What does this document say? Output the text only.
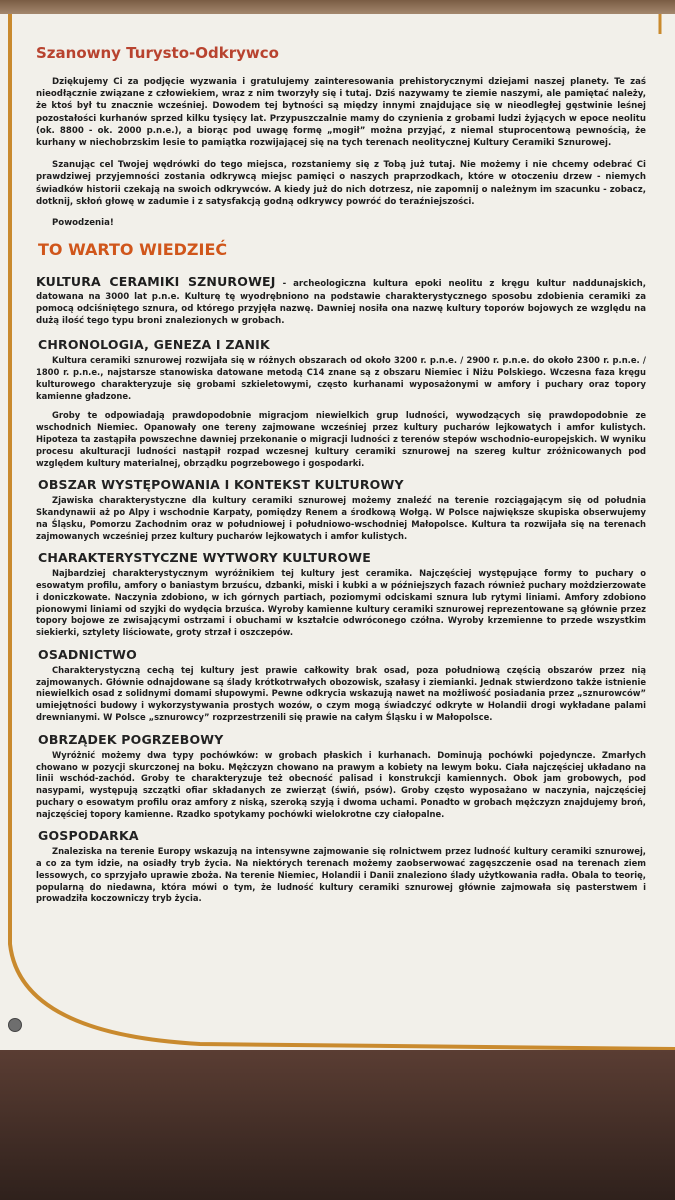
Szanowny Turysto-Odkrywco

Dziękujemy Ci za podjęcie wyzwania i gratulujemy zainteresowania prehistorycznymi dziejami naszej planety. Te zaś nieodłącznie związane z człowiekiem, wraz z nim tworzyły się i tutaj. Dziś nazywamy te ziemie naszymi, ale pamiętać należy, że ktoś był tu znacznie wcześniej. Dowodem tej bytności są między innymi znajdujące się w nieodległej gęstwinie leśnej pozostałości kurhanów sprzed kilku tysięcy lat. Przypuszczalnie mamy do czynienia z grobami ludzi żyjących w epoce neolitu (ok. 8800 - ok. 2000 p.n.e.), a biorąc pod uwagę formę „mogił” można przyjąć, z niemal stuprocentową pewnością, że kurhany w niechobrzskim lesie to pamiątka rozwijającej się na tych terenach neolitycznej Kultury Ceramiki Sznurowej.

Szanując cel Twojej wędrówki do tego miejsca, rozstaniemy się z Tobą już tutaj. Nie możemy i nie chcemy odebrać Ci prawdziwej przyjemności zostania odkrywcą miejsc pamięci o naszych praprzodkach, które w otoczeniu drzew - niemych świadków historii czekają na swoich odkrywców. A kiedy już do nich dotrzesz, nie zapomnij o należnym im szacunku - zobacz, dotknij, skłoń głowę w zadumie i z satysfakcją godną odkrywcy powróć do teraźniejszości.

Powodzenia!

TO WARTO WIEDZIEĆ

KULTURA CERAMIKI SZNUROWEJ - archeologiczna kultura epoki neolitu z kręgu kultur naddunajskich, datowana na 3000 lat p.n.e. Kulturę tę wyodrębniono na podstawie charakterystycznego sposobu zdobienia ceramiki za pomocą odciśniętego sznura, od którego przyjęła nazwę. Dawniej nosiła ona nazwę kultury toporów bojowych ze względu na dużą ilość tego typu broni znalezionych w grobach.

CHRONOLOGIA, GENEZA I ZANIK

Kultura ceramiki sznurowej rozwijała się w różnych obszarach od około 3200 r. p.n.e. / 2900 r. p.n.e. do około 2300 r. p.n.e. / 1800 r. p.n.e., najstarsze stanowiska datowane metodą C14 znane są z obszaru Niemiec i Niżu Polskiego. Wczesna faza kręgu kulturowego charakteryzuje się grobami szkieletowymi, często kurhanami wyposażonymi w amfory i puchary oraz topory kamienne gładzone.

Groby te odpowiadają prawdopodobnie migracjom niewielkich grup ludności, wywodzących się prawdopodobnie ze wschodnich Niemiec. Opanowały one tereny zajmowane wcześniej przez kultury pucharów lejkowatych i amfor kulistych. Hipoteza ta zastąpiła powszechne dawniej przekonanie o migracji ludności z terenów stepów wschodnio-europejskich. W wyniku procesu akulturacji ludności nastąpił rozpad wczesnej kultury ceramiki sznurowej na szereg kultur zróżnicowanych pod względem kultury materialnej, obrządku pogrzebowego i gospodarki.

OBSZAR WYSTĘPOWANIA I KONTEKST KULTUROWY

Zjawiska charakterystyczne dla kultury ceramiki sznurowej możemy znaleźć na terenie rozciągającym się od południa Skandynawii aż po Alpy i wschodnie Karpaty, pomiędzy Renem a środkową Wołgą. W Polsce największe skupiska obserwujemy na Śląsku, Pomorzu Zachodnim oraz w południowej i południowo-wschodniej Małopolsce. Kultura ta rozwijała się na terenach zajmowanych wcześniej przez kultury pucharów lejkowatych i amfor kulistych.

CHARAKTERYSTYCZNE WYTWORY KULTUROWE

Najbardziej charakterystycznym wyróżnikiem tej kultury jest ceramika. Najczęściej występujące formy to puchary o esowatym profilu, amfory o baniastym brzuścu, dzbanki, miski i kubki a w późniejszych fazach również puchary możdzierzowate i doniczkowate. Naczynia zdobiono, w ich górnych partiach, poziomymi odciskami sznura lub rytymi liniami. Amfory zdobiono pionowymi liniami od szyjki do wydęcia brzuśca. Wyroby kamienne kultury ceramiki sznurowej reprezentowane są głównie przez topory bojowe ze zwisającymi ostrzami i obuchami w kształcie odwróconego czółna. Wyroby krzemienne to przede wszystkim siekierki, sztylety liściowate, groty strzał i oszczepów.

OSADNICTWO

Charakterystyczną cechą tej kultury jest prawie całkowity brak osad, poza południową częścią obszarów przez nią zajmowanych. Głównie odnajdowane są ślady krótkotrwałych obozowisk, szałasy i ziemianki. Jednak stwierdzono także istnienie niewielkich osad z solidnymi domami słupowymi. Pewne odkrycia wskazują nawet na możliwość posiadania przez „sznurowców” umiejętności budowy i wykorzystywania prostych wozów, o czym mogą świadczyć odkryte w Holandii drogi wykładane palami drewnianymi. W Polsce „sznurowcy” rozprzestrzenili się prawie na całym Śląsku i w Małopolsce.

OBRZĄDEK POGRZEBOWY

Wyróżnić możemy dwa typy pochówków: w grobach płaskich i kurhanach. Dominują pochówki pojedyncze. Zmarłych chowano w pozycji skurczonej na boku. Mężczyzn chowano na prawym a kobiety na lewym boku. Ciała najczęściej układano na linii wschód-zachód. Groby te charakteryzuje też obecność palisad i konstrukcji kamiennych. Obok jam grobowych, pod nasypami, występują szczątki ofiar składanych ze zwierząt (świń, psów). Groby często wyposażano w naczynia, najczęściej puchary o esowatym profilu oraz amfory z niską, szeroką szyją i dwoma uchami. Ponadto w grobach mężczyzn znajdujemy broń, najczęściej topory kamienne. Rzadko spotykamy pochówki wielokrotne czy ciałopalne.

GOSPODARKA

Znaleziska na terenie Europy wskazują na intensywne zajmowanie się rolnictwem przez ludność kultury ceramiki sznurowej, a co za tym idzie, na osiadły tryb życia. Na niektórych terenach możemy zaobserwować zagęszczenie osad na terenach ziem lessowych, co sprzyjało uprawie zboża. Na terenie Niemiec, Holandii i Danii znaleziono ślady użytkowania radła. Obala to teorię, popularną do niedawna, która mówi o tym, że ludność kultury ceramiki sznurowej głównie zajmowała się pasterstwem i prowadziła koczowniczy tryb życia.
